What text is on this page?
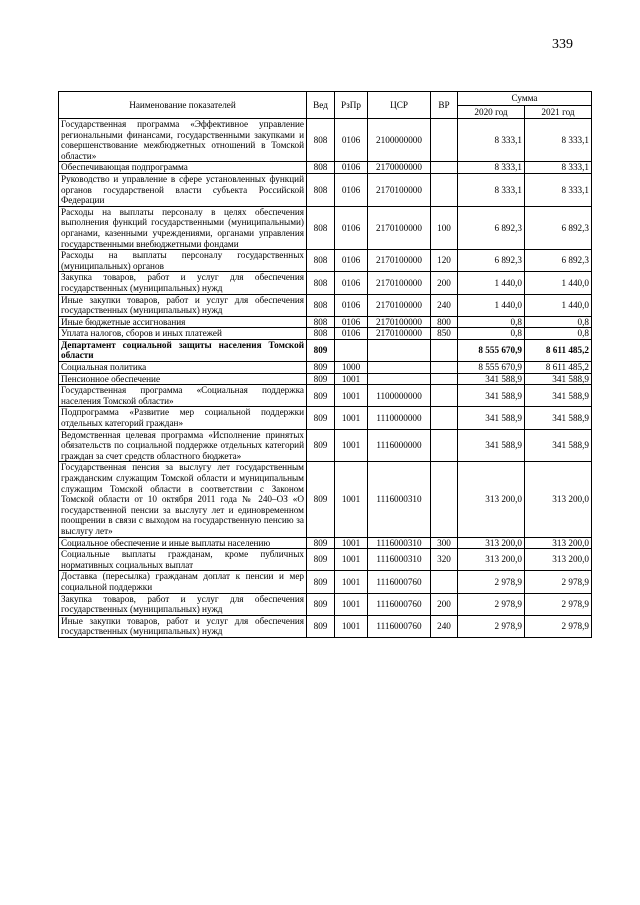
339
Наименование показателей	Вед	РзПр	ЦСР	ВР	Сумма	
					2020 год	2021 год
Государственная программа «Эффективное управление региональными финансами, государственными закупками и совершенствование межбюджетных отношений в Томской области»	808	0106	2100000000		8 333,1	8 333,1
Обеспечивающая подпрограмма	808	0106	2170000000		8 333,1	8 333,1
Руководство и управление в сфере установленных функций органов государственой власти субъекта Российской Федерации	808	0106	2170100000		8 333,1	8 333,1
Расходы на выплаты персоналу в целях обеспечения выполнения функций государственными (муниципальными) органами, казенными учреждениями, органами управления государственными внебюджетными фондами	808	0106	2170100000	100	6 892,3	6 892,3
Расходы на выплаты персоналу государственных (муниципальных) органов	808	0106	2170100000	120	6 892,3	6 892,3
Закупка товаров, работ и услуг для обеспечения государственных (муниципальных) нужд	808	0106	2170100000	200	1 440,0	1 440,0
Иные закупки товаров, работ и услуг для обеспечения государственных (муниципальных) нужд	808	0106	2170100000	240	1 440,0	1 440,0
Иные бюджетные ассигнования	808	0106	2170100000	800	0,8	0,8
Уплата налогов, сборов и иных платежей	808	0106	2170100000	850	0,8	0,8
Департамент социальной защиты населения Томской области	809				8 555 670,9	8 611 485,2
Социальная политика	809	1000			8 555 670,9	8 611 485,2
Пенсионное обеспечение	809	1001			341 588,9	341 588,9
Государственная программа «Социальная поддержка населения Томской области»	809	1001	1100000000		341 588,9	341 588,9
Подпрограмма «Развитие мер социальной поддержки отдельных категорий граждан»	809	1001	1110000000		341 588,9	341 588,9
Ведомственная целевая программа «Исполнение принятых обязательств по социальной поддержке отдельных категорий граждан за счет средств областного бюджета»	809	1001	1116000000		341 588,9	341 588,9
Государственная пенсия за выслугу лет государственным гражданским служащим Томской области и муниципальным служащим Томской области в соответствии с Законом Томской области от 10 октября 2011 года № 240–ОЗ «О государственной пенсии за выслугу лет и единовременном поощрении в связи с выходом на государственную пенсию за выслугу лет»	809	1001	1116000310		313 200,0	313 200,0
Социальное обеспечение и иные выплаты населению	809	1001	1116000310	300	313 200,0	313 200,0
Социальные выплаты гражданам, кроме публичных нормативных социальных выплат	809	1001	1116000310	320	313 200,0	313 200,0
Доставка (пересылка) гражданам доплат к пенсии и мер социальной поддержки	809	1001	1116000760		2 978,9	2 978,9
Закупка товаров, работ и услуг для обеспечения государственных (муниципальных) нужд	809	1001	1116000760	200	2 978,9	2 978,9
Иные закупки товаров, работ и услуг для обеспечения государственных (муниципальных) нужд	809	1001	1116000760	240	2 978,9	2 978,9
